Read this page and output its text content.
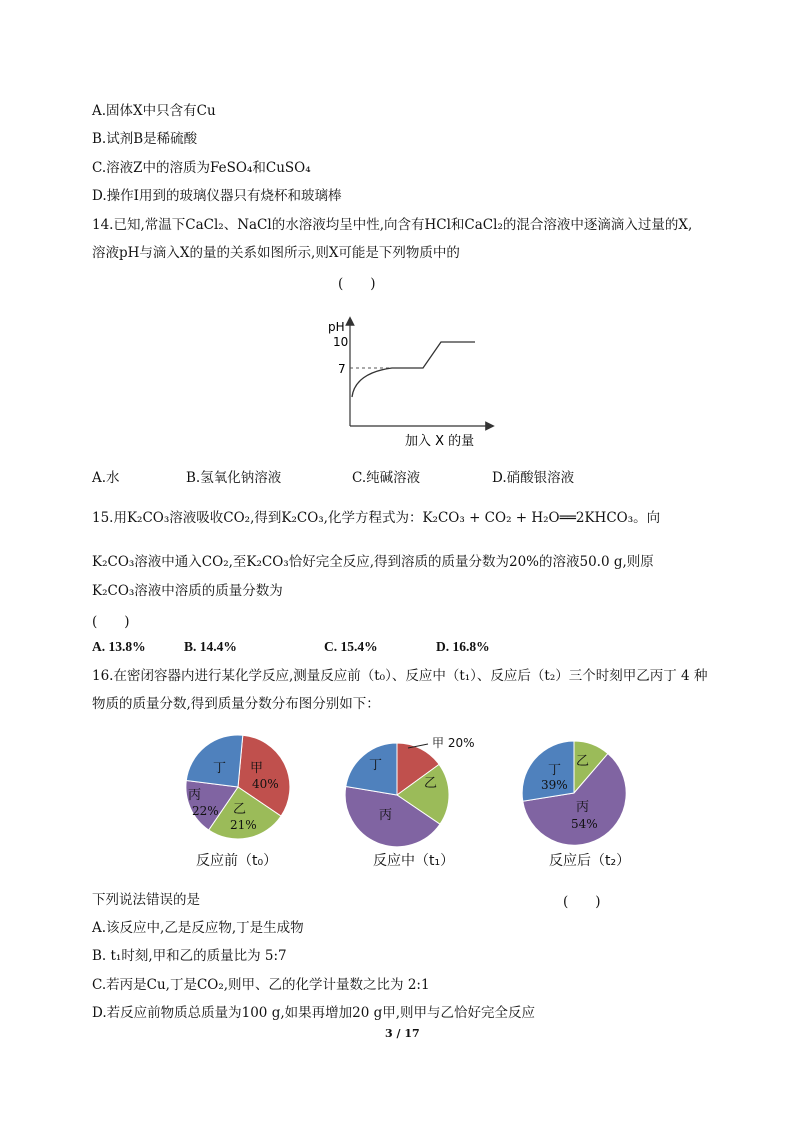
A.固体X中只含有Cu
B.试剂B是稀硫酸
C.溶液Z中的溶质为FeSO₄和CuSO₄
D.操作Ⅰ用到的玻璃仪器只有烧杯和玻璃棒
14.已知,常温下CaCl₂、NaCl的水溶液均呈中性,向含有HCl和CaCl₂的混合溶液中逐滴滴入过量的X,
溶液pH与滴入X的量的关系如图所示,则X可能是下列物质中的
(　　)
pH
10
7
加入 X 的量
A.水	B.氢氧化钠溶液	C.纯碱溶液	D.硝酸银溶液
15.用K₂CO₃溶液吸收CO₂,得到K₂CO₃,化学方程式为：K₂CO₃ + CO₂ + H₂O══2KHCO₃。向
K₂CO₃溶液中通入CO₂,至K₂CO₃恰好完全反应,得到溶质的质量分数为20%的溶液50.0 g,则原
K₂CO₃溶液中溶质的质量分数为
(　　)
A. 13.8%	B. 14.4%	C. 15.4%	D. 16.8%
16.在密闭容器内进行某化学反应,测量反应前（t₀）、反应中（t₁）、反应后（t₂）三个时刻甲乙丙丁 4 种
物质的质量分数,得到质量分数分布图分别如下：
甲
40%
乙
21%
丙
22%
丁
反应前（t₀）
甲 20%
乙
丙
丁
反应中（t₁）
乙
丁
39%
丙
54%
反应后（t₂）
下列说法错误的是	(　　)
A.该反应中,乙是反应物,丁是生成物
B. t₁时刻,甲和乙的质量比为 5:7
C.若丙是Cu,丁是CO₂,则甲、乙的化学计量数之比为 2:1
D.若反应前物质总质量为100 g,如果再增加20 g甲,则甲与乙恰好完全反应
3 / 17
